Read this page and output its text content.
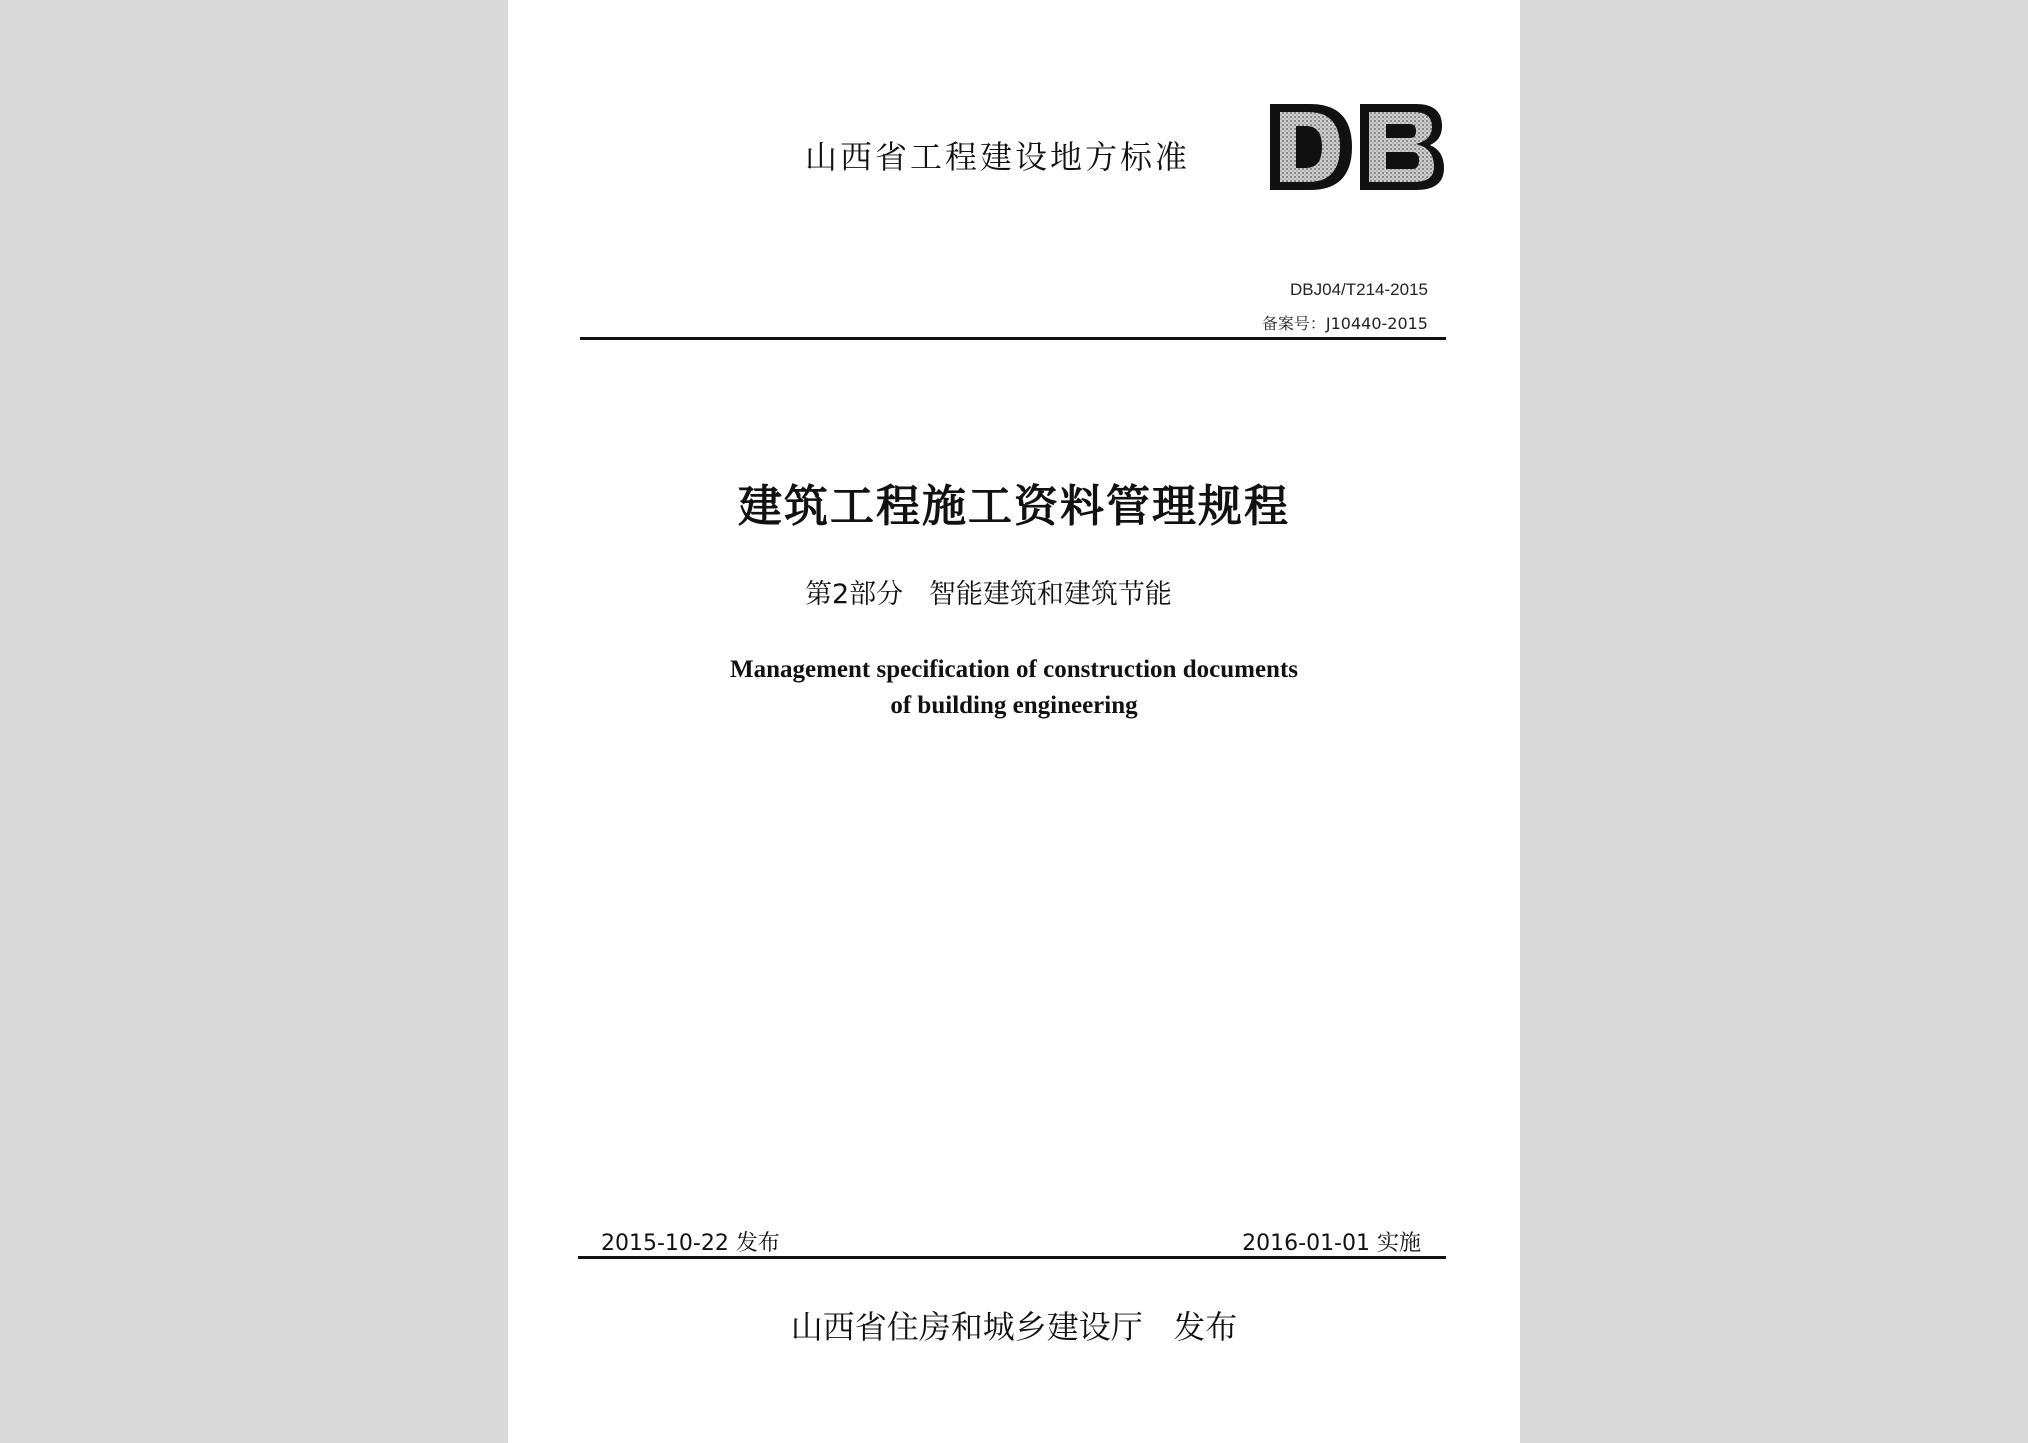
山西省工程建设地方标准
DB
DBJ04/T214-2015
备案号：J10440-2015
建筑工程施工资料管理规程
第2部分   智能建筑和建筑节能
Management specification of construction documents
of building engineering
2015-10-22 发布	2016-01-01 实施
山西省住房和城乡建设厅   发布
